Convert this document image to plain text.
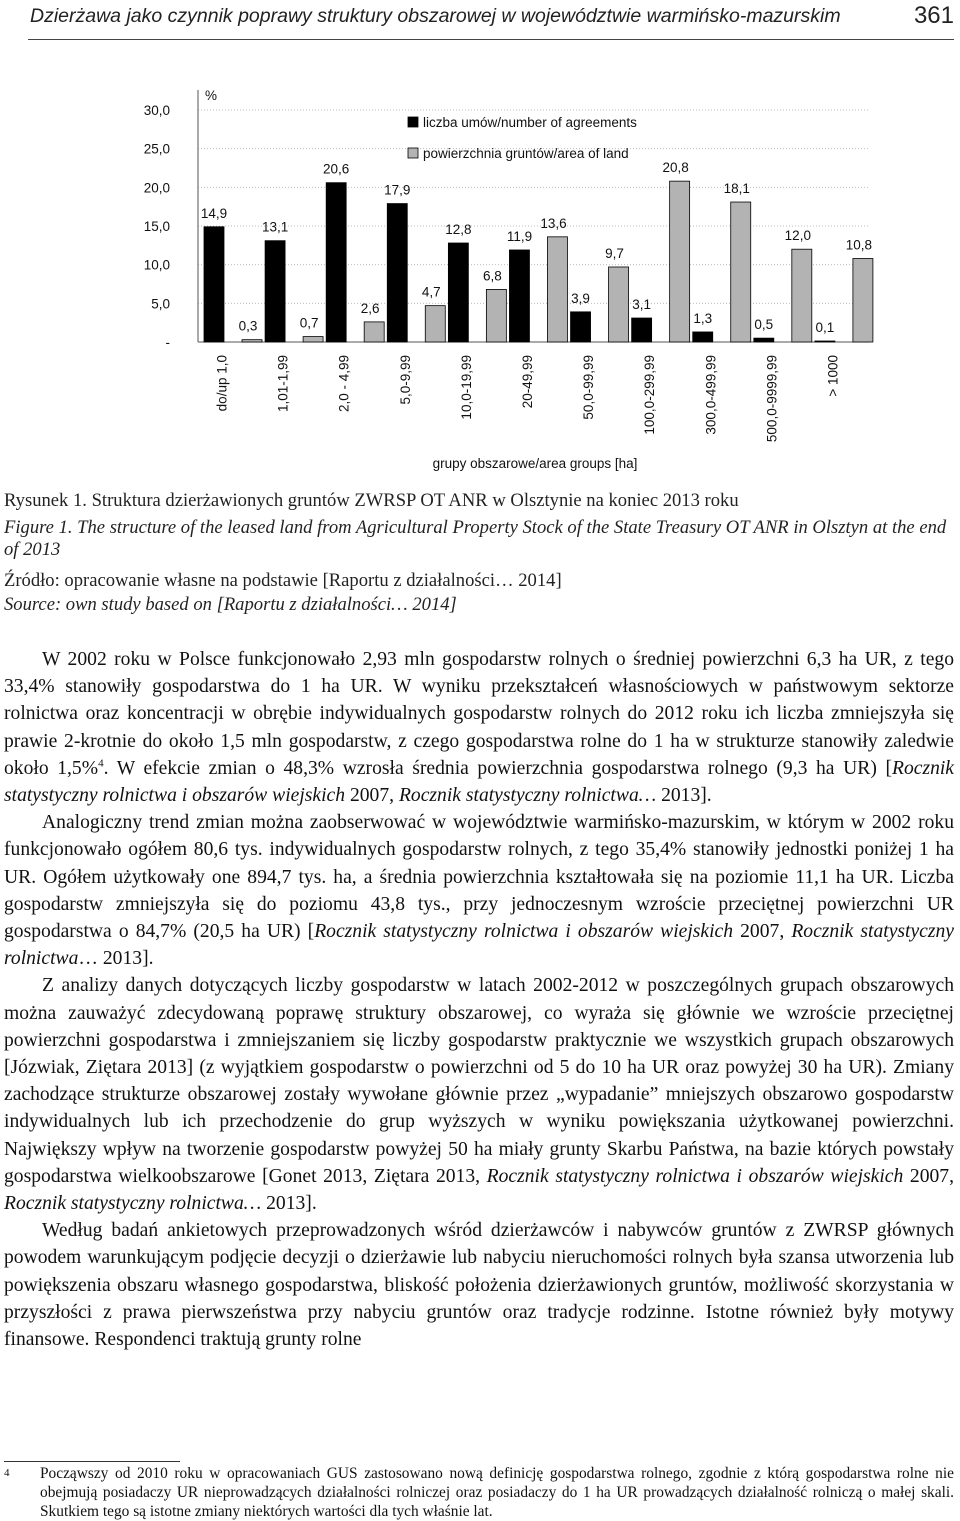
Dzierżawa jako czynnik poprawy struktury obszarowej w województwie warmińsko-mazurskim	361
30,0
25,0
20,0
15,0
10,0
5,0
-
%
liczba umów/number of agreements
powierzchnia gruntów/area of land
14,9
0,3
do/up 1,0
13,1
0,7
1,01-1,99
20,6
2,6
2,0 - 4,99
17,9
4,7
5,0-9,99
12,8
6,8
10,0-19,99
11,9
13,6
20-49,99
3,9
9,7
50,0-99,99
3,1
20,8
100,0-299,99
1,3
18,1
300,0-499,99
0,5
12,0
500,0-9999,99
0,1
10,8
> 1000
grupy obszarowe/area groups [ha]
Rysunek 1. Struktura dzierżawionych gruntów ZWRSP OT ANR w Olsztynie na koniec 2013 roku
Figure 1. The structure of the leased land from Agricultural Property Stock of the State Treasury OT ANR in Olsztyn at the end of 2013
Źródło: opracowanie własne na podstawie [Raportu z działalności… 2014]
Source: own study based on [Raportu z działalności… 2014]

W 2002 roku w Polsce funkcjonowało 2,93 mln gospodarstw rolnych o średniej powierzchni 6,3 ha UR, z tego 33,4% stanowiły gospodarstwa do 1 ha UR. W wyniku przekształceń własnościowych w państwowym sektorze rolnictwa oraz koncentracji w obrębie indywidualnych gospodarstw rolnych do 2012 roku ich liczba zmniejszyła się prawie 2-krotnie do około 1,5 mln gospodarstw, z czego gospodarstwa rolne do 1 ha w strukturze stanowiły zaledwie około 1,5%$^4$. W efekcie zmian o 48,3% wzrosła średnia powierzchnia gospodarstwa rolnego (9,3 ha UR) [Rocznik statystyczny rolnictwa i obszarów wiejskich 2007, Rocznik statystyczny rolnictwa… 2013].

Analogiczny trend zmian można zaobserwować w województwie warmińsko-mazurskim, w którym w 2002 roku funkcjonowało ogółem 80,6 tys. indywidualnych gospodarstw rolnych, z tego 35,4% stanowiły jednostki poniżej 1 ha UR. Ogółem użytkowały one 894,7 tys. ha, a średnia powierzchnia kształtowała się na poziomie 11,1 ha UR. Liczba gospodarstw zmniejszyła się do poziomu 43,8 tys., przy jednoczesnym wzroście przeciętnej powierzchni UR gospodarstwa o 84,7% (20,5 ha UR) [Rocznik statystyczny rolnictwa i obszarów wiejskich 2007, Rocznik statystyczny rolnictwa… 2013].

Z analizy danych dotyczących liczby gospodarstw w latach 2002-2012 w poszczególnych grupach obszarowych można zauważyć zdecydowaną poprawę struktury obszarowej, co wyraża się głównie we wzroście przeciętnej powierzchni gospodarstwa i zmniejszaniem się liczby gospodarstw praktycznie we wszystkich grupach obszarowych [Józwiak, Ziętara 2013] (z wyjątkiem gospodarstw o powierzchni od 5 do 10 ha UR oraz powyżej 30 ha UR). Zmiany zachodzące strukturze obszarowej zostały wywołane głównie przez „wypadanie” mniejszych obszarowo gospodarstw indywidualnych lub ich przechodzenie do grup wyższych w wyniku powiększania użytkowanej powierzchni. Największy wpływ na tworzenie gospodarstw powyżej 50 ha miały grunty Skarbu Państwa, na bazie których powstały gospodarstwa wielkoobszarowe [Gonet 2013, Ziętara 2013, Rocznik statystyczny rolnictwa i obszarów wiejskich 2007, Rocznik statystyczny rolnictwa… 2013].

Według badań ankietowych przeprowadzonych wśród dzierżawców i nabywców gruntów z ZWRSP głównych powodem warunkującym podjęcie decyzji o dzierżawie lub nabyciu nieruchomości rolnych była szansa utworzenia lub powiększenia obszaru własnego gospodarstwa, bliskość położenia dzierżawionych gruntów, możliwość skorzystania w przyszłości z prawa pierwszeństwa przy nabyciu gruntów oraz tradycje rodzinne. Istotne również były motywy finansowe. Respondenci traktują grunty rolne

4 Począwszy od 2010 roku w opracowaniach GUS zastosowano nową definicję gospodarstwa rolnego, zgodnie z którą gospodarstwa rolne nie obejmują posiadaczy UR nieprowadzących działalności rolniczej oraz posiadaczy do 1 ha UR prowadzących działalność rolniczą o małej skali. Skutkiem tego są istotne zmiany niektórych wartości dla tych właśnie lat.
